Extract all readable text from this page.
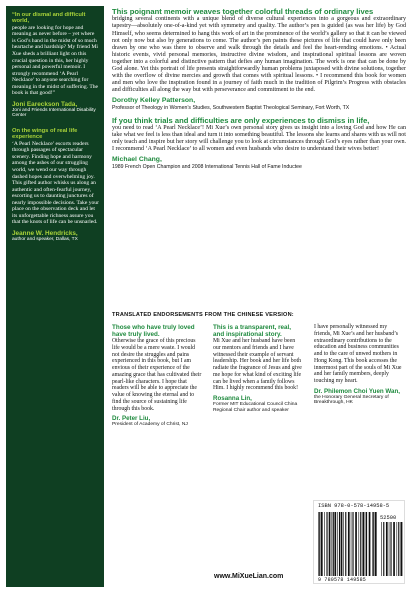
“In our dismal and difficult world,
people are looking for hope and meaning as never before – yet where is God’s hand in the midst of so much heartache and hardship? My friend Mi Xue sheds a brilliant light on this crucial question in this, her highly personal and powerful memoir. I strongly recommend ‘A Pearl Necklace’ to anyone searching for meaning in the midst of suffering. The book is that good!”
Joni Eareckson Tada,
Joni and Friends International Disability Center
On the wings of real life experience
‘A Pearl Necklace’ escorts readers through passages of spectacular scenery. Finding hope and harmony among the ashes of our struggling world, we wend our way through dashed hopes and overwhelming joy. This gifted author whisks us along an authentic and often-fearful journey, escorting us to daunting junctures of nearly impossible decisions. Take your place on the observation deck and let its unforgettable richness assure you that the knots of life can be unsnarled.
Jeanne W. Hendricks,
author and speaker, Dallas, TX
This poignant memoir weaves together colorful threads of ordinary lives
bridging several continents with a unique blend of diverse cultural experiences into a gorgeous and extraordinary tapestry—absolutely one-of-a-kind yet with symmetry and quality. The author’s pen is guided (as was her life) by God Himself, who seems determined to hang this work of art in the prominence of the world’s gallery so that it can be viewed not only now but also by generations to come. The author’s pen paints these pictures of life that could have only been drawn by one who was there to observe and walk through the details and feel the heart-rending emotions. • Actual historic events, vivid personal memories, instructive divine wisdom, and inspirational spiritual lessons are woven together into a colorful and distinctive pattern that defies any human imagination. The work is one that can be done by God alone. Yet this portrait of life presents straightforwardly human problems juxtaposed with divine solutions, together with the overflow of divine mercies and growth that comes with spiritual lessons. • I recommend this book for women and men who love the inspiration found in a journey of faith much in the tradition of Pilgrim’s Progress with obstacles and difficulties all along the way but with perseverance and commitment to the end.
Dorothy Kelley Patterson,
Professor of Theology in Women’s Studies, Southwestern Baptist Theological Seminary, Fort Worth, TX
If you think trials and difficulties are only experiences to dismiss in life,
you need to read ‘A Pearl Necklace’! Mi Xue’s own personal story gives us insight into a loving God and how He can take what we feel is less than ideal and turn it into something beautiful. The lessons she learns and shares with us will not only teach and inspire but her story will challenge you to look at circumstances through God’s eyes rather than your own. I recommend ‘A Pearl Necklace’ to all women and even husbands who desire to understand their wives better!
Michael Chang,
1989 French Open Champion and 2008 International Tennis Hall of Fame Inductee
TRANSLATED ENDORSEMENTS FROM THE CHINESE VERSION:
Those who have truly loved have truly lived.
Otherwise the grace of this precious life would be a mere waste. I would not desire the struggles and pains experienced in this book, but I am envious of their experience of the amazing grace that has cultivated their pearl-like characters. I hope that readers will be able to appreciate the value of knowing the eternal and to find the source of sustaining life through this book.
Dr. Peter Liu,
President of Academy of Christ, NJ
This is a transparent, real, and inspirational story.
Mi Xue and her husband have been our mentors and friends and I have witnessed their example of servant leadership. Her book and her life both radiate the fragrance of Jesus and give me hope for what kind of exciting life can be lived when a family follows Him. I highly recommend this book!
Rosanna Lin,
Former MIT Educational Council China Regional Chair author and speaker
I have personally witnessed my friends, Mi Xue’s and her husband’s extraordinary contributions to the education and business communities and to the care of unwed mothers in Hong Kong. This book accesses the innermost part of the souls of Mi Xue and her family members, deeply touching my heart.
Dr. Philemon Choi Yuen Wan,
the Honorary General Secretary of Breakthrough, HK
www.MiXueLian.com
ISBN 978-0-578-14958-5
52500
9 780578 149585
